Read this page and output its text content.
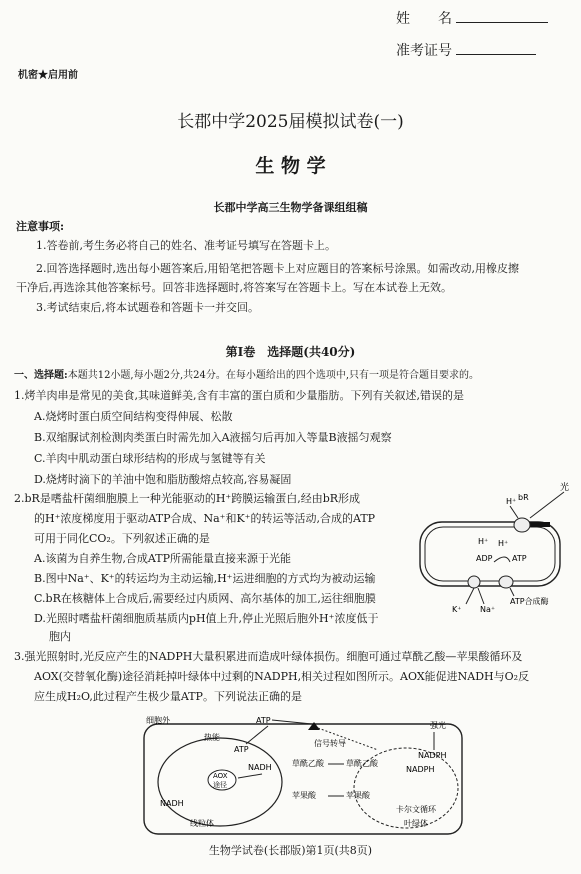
姓　　名
准考证号
机密★启用前
长郡中学2025届模拟试卷(一)
生 物 学
长郡中学高三生物学备课组组稿
注意事项:
1.答卷前,考生务必将自己的姓名、准考证号填写在答题卡上。
2.回答选择题时,选出每小题答案后,用铅笔把答题卡上对应题目的答案标号涂黑。如需改动,用橡皮擦
干净后,再选涂其他答案标号。回答非选择题时,将答案写在答题卡上。写在本试卷上无效。
3.考试结束后,将本试题卷和答题卡一并交回。
第Ⅰ卷　选择题(共40分)
一、选择题:本题共12小题,每小题2分,共24分。在每小题给出的四个选项中,只有一项是符合题目要求的。
1.烤羊肉串是常见的美食,其味道鲜美,含有丰富的蛋白质和少量脂肪。下列有关叙述,错误的是
A.烧烤时蛋白质空间结构变得伸展、松散
B.双缩脲试剂检测肉类蛋白时需先加入A液摇匀后再加入等量B液摇匀观察
C.羊肉中肌动蛋白球形结构的形成与氢键等有关
D.烧烤时滴下的羊油中饱和脂肪酸熔点较高,容易凝固
2.bR是嗜盐杆菌细胞膜上一种光能驱动的H⁺跨膜运输蛋白,经由bR形成
的H⁺浓度梯度用于驱动ATP合成、Na⁺和K⁺的转运等活动,合成的ATP
可用于同化CO₂。下列叙述正确的是
A.该菌为自养生物,合成ATP所需能量直接来源于光能
B.图中Na⁺、K⁺的转运均为主动运输,H⁺运进细胞的方式均为被动运输
C.bR在核糖体上合成后,需要经过内质网、高尔基体的加工,运往细胞膜
D.光照时嗜盐杆菌细胞质基质内pH值上升,停止光照后胞外H⁺浓度低于
胞内
光
H⁺ bR
H⁺
ADP ATP
H⁺
K⁺ Na⁺
ATP合成酶
3.强光照射时,光反应产生的NADPH大量积累进而造成叶绿体损伤。细胞可通过草酰乙酸—苹果酸循环及
AOX(交替氧化酶)途径消耗掉叶绿体中过剩的NADPH,相关过程如图所示。AOX能促进NADH与O₂反
应生成H₂O,此过程产生极少量ATP。下列说法正确的是
细胞外	ATP
强光
信号转导
热能
ATP
AOX
途径
NADH
线粒体
NADH	草酰乙酸
苹果酸
草酰乙酸
苹果酸
NADPH
NADPH
卡尔文循环
叶绿体
生物学试卷(长郡版)第1页(共8页)
